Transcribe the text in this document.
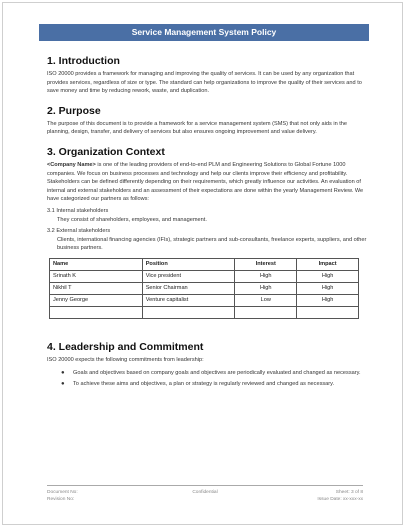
Service Management System Policy
1. Introduction

ISO 20000 provides a framework for managing and improving the quality of services. It can be used by any organization that provides services, regardless of size or type. The standard can help organizations to improve the quality of their services and to save money and time by reducing rework, waste, and duplication.

2. Purpose

The purpose of this document is to provide a framework for a service management system (SMS) that not only aids in the planning, design, transfer, and delivery of services but also ensures ongoing improvement and value delivery.

3. Organization Context

<Company Name> is one of the leading providers of end-to-end PLM and Engineering Solutions to Global Fortune 1000 companies. We focus on business processes and technology and help our clients improve their efficiency and profitability. Stakeholders can be defined differently depending on their requirements, which greatly influence our activities. An evaluation of internal and external stakeholders and an assessment of their expectations are done within the yearly Management Review. We have categorized our partners as follows:

3.1 Internal stakeholders
They consist of shareholders, employees, and management.
3.2 External stakeholders
Clients, international financing agencies (IFIs), strategic partners and sub-consultants, freelance experts, suppliers, and other business partners.
Name	Position	Interest	Impact
Srinath K	Vice president	High	High
Nikhil T	Senior Chairman	High	High
Jenny George	Venture capitalist	Low	High

4. Leadership and Commitment

ISO 20000 expects the following commitments from leadership:

● Goals and objectives based on company goals and objectives are periodically evaluated and changed as necessary.
● To achieve these aims and objectives, a plan or strategy is regularly reviewed and changed as necessary.
Document No:	Confidential	Sheet: 3 of 8
Revision No:	Issue Date: xx-xxx-xx
